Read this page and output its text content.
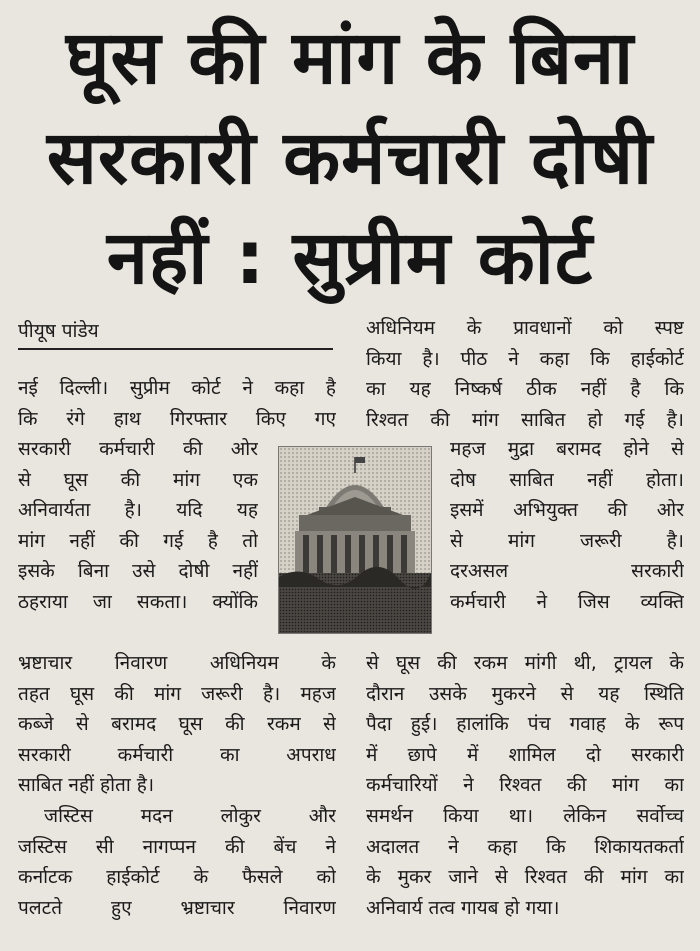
घूस की मांग के बिना
सरकारी कर्मचारी दोषी
नहीं : सुप्रीम कोर्ट
पीयूष पांडेय
नई दिल्ली। सुप्रीम कोर्ट ने कहा है
कि रंगे हाथ गिरफ्तार किए गए
सरकारी कर्मचारी की ओर
से घूस की मांग एक
अनिवार्यता है। यदि यह
मांग नहीं की गई है तो
इसके बिना उसे दोषी नहीं
ठहराया जा सकता। क्योंकि
भ्रष्टाचार निवारण अधिनियम के
तहत घूस की मांग जरूरी है। महज
कब्जे से बरामद घूस की रकम से
सरकारी कर्मचारी का अपराध
साबित नहीं होता है।
जस्टिस मदन लोकुर और
जस्टिस सी नागप्पन की बेंच ने
कर्नाटक हाईकोर्ट के फैसले को
पलटते हुए भ्रष्टाचार निवारण
अधिनियम के प्रावधानों को स्पष्ट
किया है। पीठ ने कहा कि हाईकोर्ट
का यह निष्कर्ष ठीक नहीं है कि
रिश्वत की मांग साबित हो गई है।
महज मुद्रा बरामद होने से
दोष साबित नहीं होता।
इसमें अभियुक्त की ओर
से मांग जरूरी है।
दरअसल सरकारी
कर्मचारी ने जिस व्यक्ति
से घूस की रकम मांगी थी, ट्रायल के
दौरान उसके मुकरने से यह स्थिति
पैदा हुई। हालांकि पंच गवाह के रूप
में छापे में शामिल दो सरकारी
कर्मचारियों ने रिश्वत की मांग का
समर्थन किया था। लेकिन सर्वोच्च
अदालत ने कहा कि शिकायतकर्ता
के मुकर जाने से रिश्वत की मांग का
अनिवार्य तत्व गायब हो गया।
